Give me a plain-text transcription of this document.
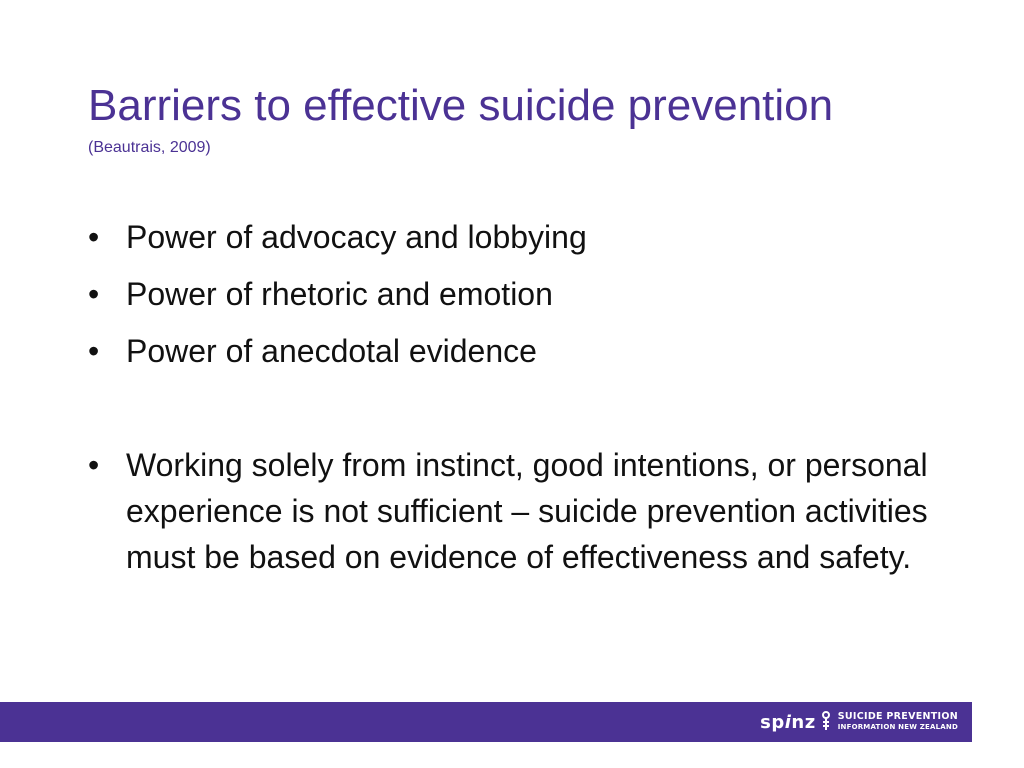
Barriers to effective suicide prevention
(Beautrais, 2009)
• Power of advocacy and lobbying
• Power of rhetoric and emotion
• Power of anecdotal evidence
• Working solely from instinct, good intentions, or personal experience is not sufficient – suicide prevention activities must be based on evidence of effectiveness and safety.
spinz SUICIDE PREVENTION
INFORMATION NEW ZEALAND
